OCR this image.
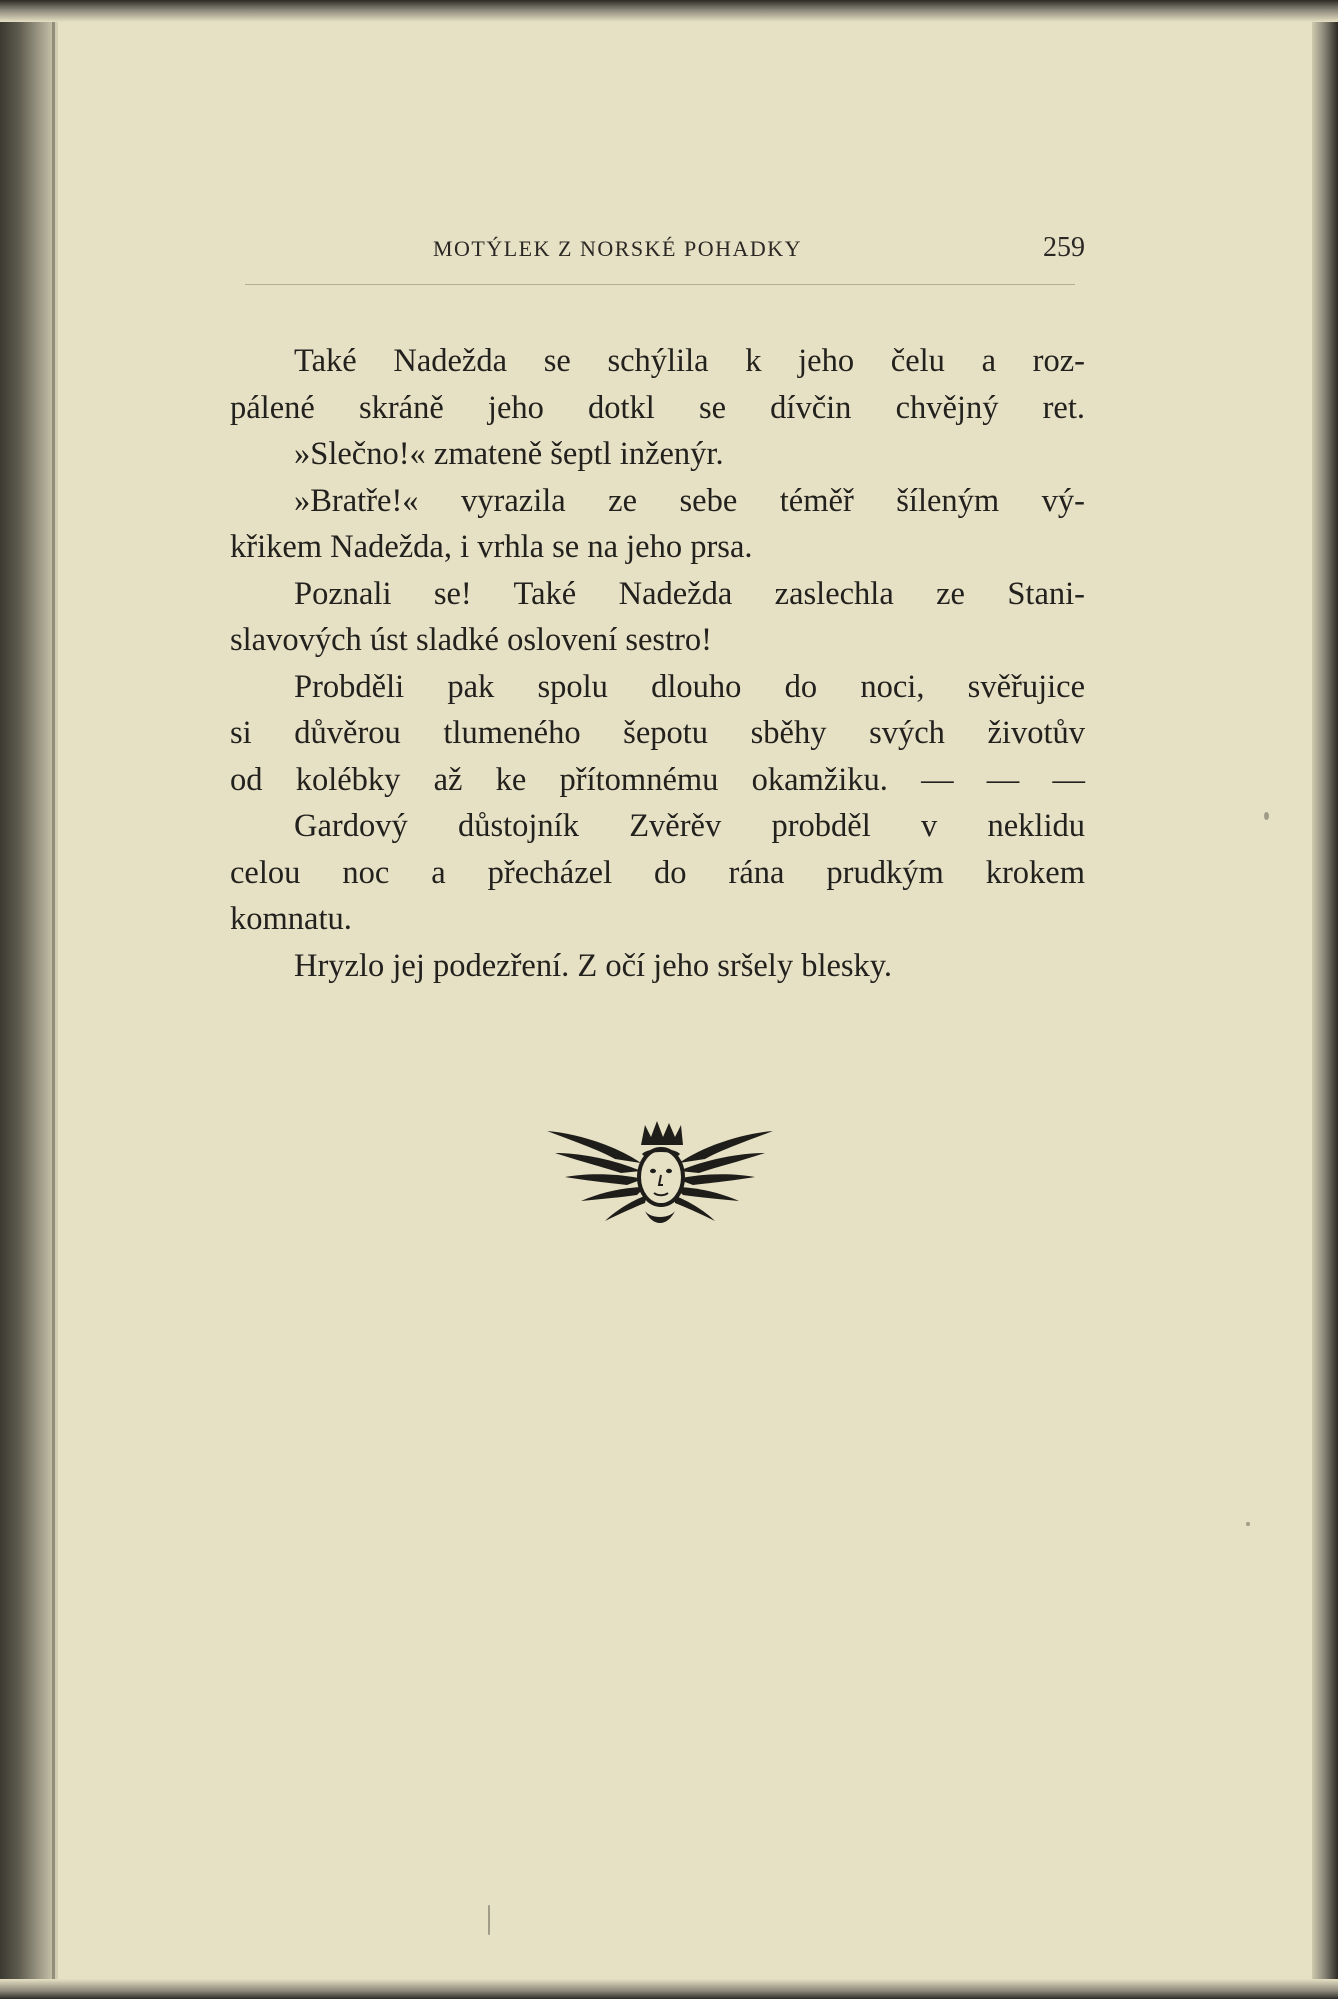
MOTÝLEK Z NORSKÉ POHADKY	259
Také Nadežda se schýlila k jeho čelu a roz-
pálené skráně jeho dotkl se dívčin chvějný ret.
»Slečno!« zmateně šeptl inženýr.
»Bratře!« vyrazila ze sebe téměř šíleným vý-
křikem Nadežda, i vrhla se na jeho prsa.
Poznali se! Také Nadežda zaslechla ze Stani-
slavových úst sladké oslovení sestro!
Probděli pak spolu dlouho do noci, svěřujice
si důvěrou tlumeného šepotu sběhy svých životův
od kolébky až ke přítomnému okamžiku. — — —
Gardový důstojník Zvěrěv probděl v neklidu
celou noc a přecházel do rána prudkým krokem
komnatu.
Hryzlo jej podezření. Z očí jeho sršely blesky.
